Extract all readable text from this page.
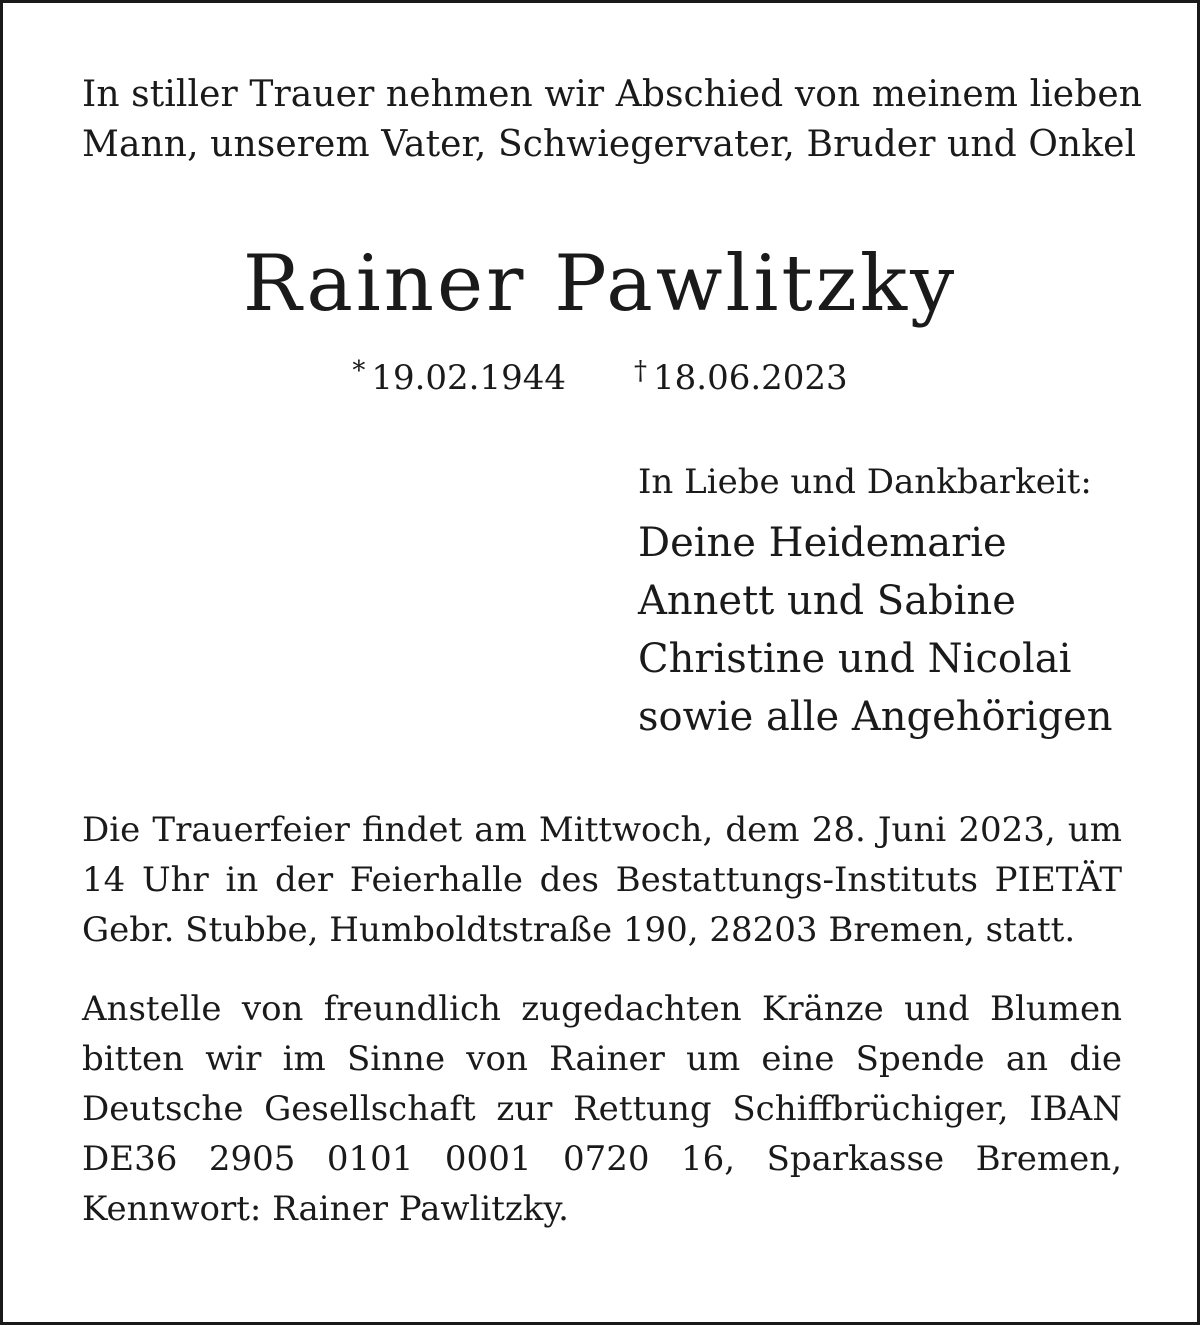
In stiller Trauer nehmen wir Abschied von meinem lieben
Mann, unserem Vater, Schwiegervater, Bruder und Onkel
Rainer Pawlitzky
* 19.02.1944	† 18.06.2023
In Liebe und Dankbarkeit:
Deine Heidemarie
Annett und Sabine
Christine und Nicolai
sowie alle Angehörigen
Die Trauerfeier findet am Mittwoch, dem 28. Juni 2023, um 14 Uhr in der Feierhalle des Bestattungs-Instituts PIETÄT Gebr. Stubbe, Humboldtstraße 190, 28203 Bremen, statt.
Anstelle von freundlich zugedachten Kränze und Blumen bitten wir im Sinne von Rainer um eine Spende an die Deutsche Gesellschaft zur Rettung Schiffbrüchiger, IBAN DE36 2905 0101 0001 0720 16, Sparkasse Bremen, Kennwort: Rainer Pawlitzky.
